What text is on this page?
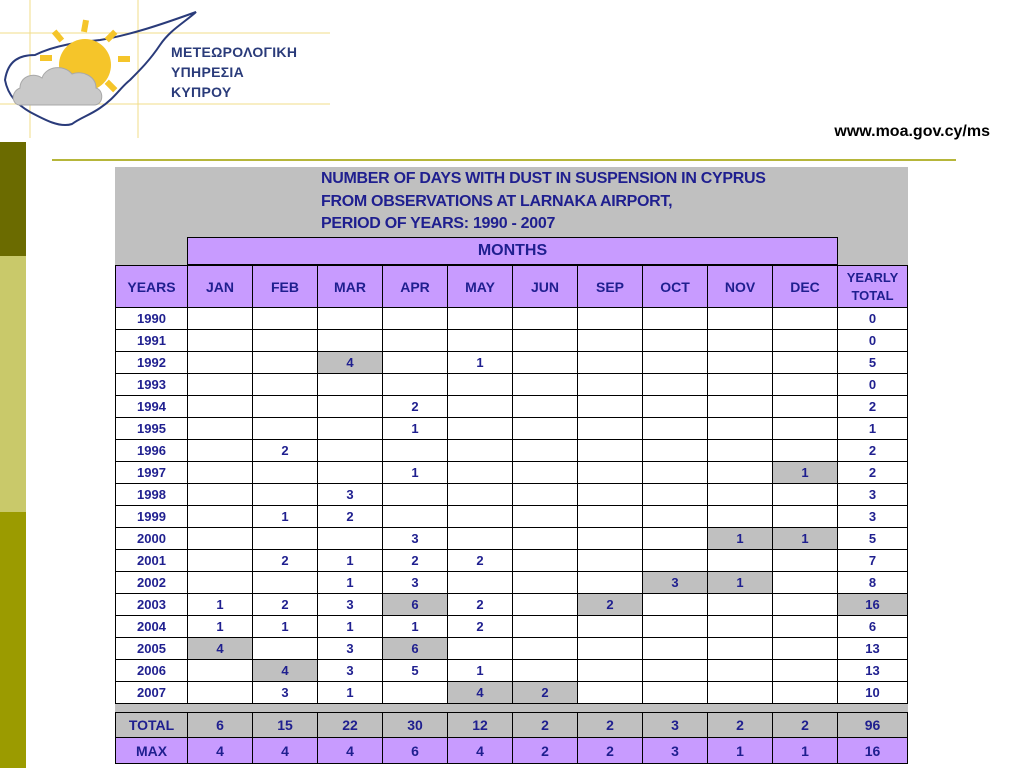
ΜΕΤΕΩΡΟΛΟΓΙΚΗ
ΥΠΗΡΕΣΙΑ
ΚΥΠΡΟΥ
www.moa.gov.cy/ms
NUMBER OF DAYS WITH DUST IN SUSPENSION IN CYPRUS
FROM OBSERVATIONS AT LARNAKA AIRPORT,
PERIOD OF YEARS: 1990 - 2007
MONTHS
YEARS	JAN	FEB	MAR	APR	MAY	JUN	SEP	OCT	NOV	DEC	YEARLY
TOTAL

1990											0
1991											0
1992			4		1						5
1993											0
1994				2							2
1995				1							1
1996		2									2
1997				1						1	2
1998			3								3
1999		1	2								3
2000				3					1	1	5
2001		2	1	2	2						7
2002			1	3				3	1		8
2003	1	2	3	6	2		2				16
2004	1	1	1	1	2						6
2005	4		3	6							13
2006		4	3	5	1						13
2007		3	1		4	2					10

TOTAL	6	15	22	30	12	2	2	3	2	2	96
MAX	4	4	4	6	4	2	2	3	1	1	16
